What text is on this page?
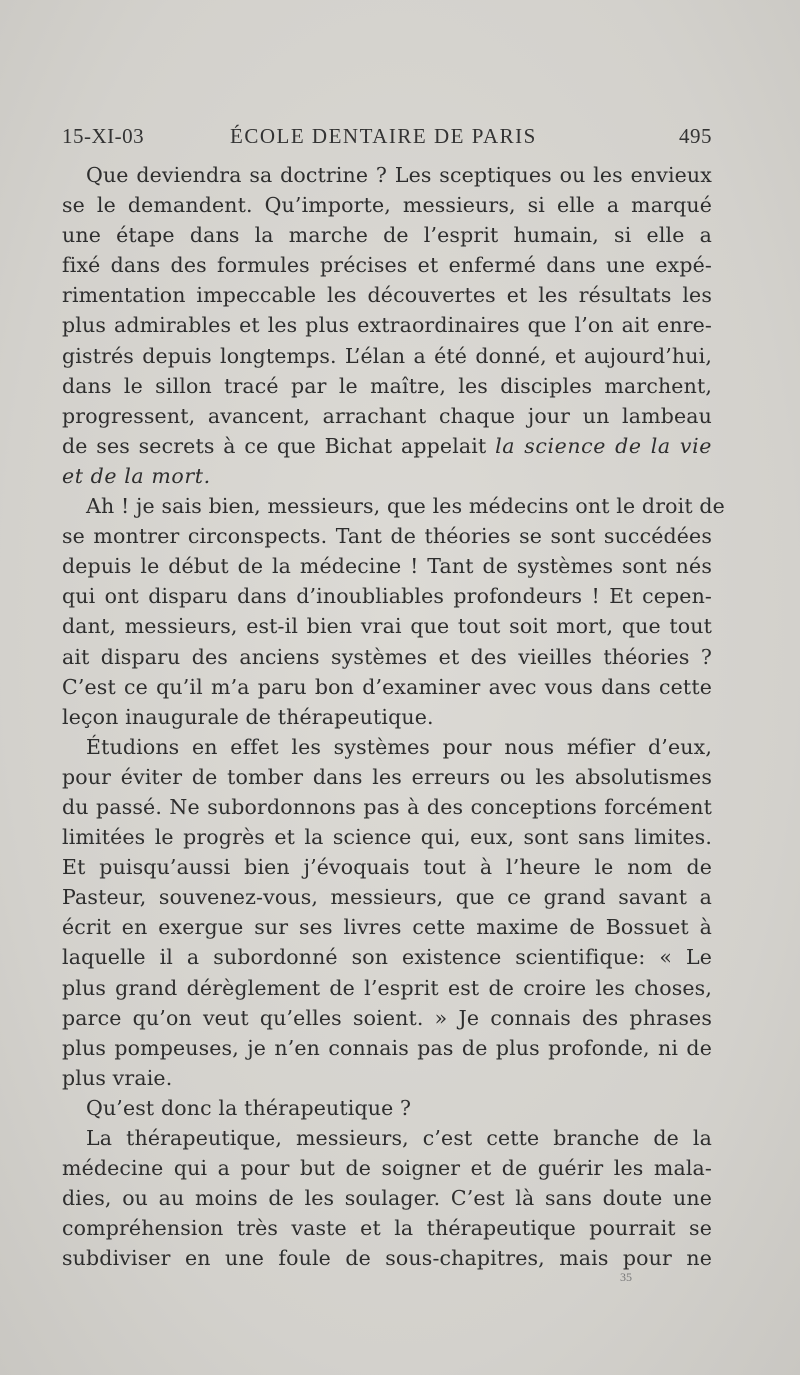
15-XI-03	ÉCOLE DENTAIRE DE PARIS	495
Que deviendra sa doctrine ? Les sceptiques ou les envieux
se le demandent. Qu’importe, messieurs, si elle a marqué
une étape dans la marche de l’esprit humain, si elle a
fixé dans des formules précises et enfermé dans une expé-
rimentation impeccable les découvertes et les résultats les
plus admirables et les plus extraordinaires que l’on ait enre-
gistrés depuis longtemps. L’élan a été donné, et aujourd’hui,
dans le sillon tracé par le maître, les disciples marchent,
progressent, avancent, arrachant chaque jour un lambeau
de ses secrets à ce que Bichat appelait la science de la vie
et de la mort.
Ah ! je sais bien, messieurs, que les médecins ont le droit de
se montrer circonspects. Tant de théories se sont succédées
depuis le début de la médecine ! Tant de systèmes sont nés
qui ont disparu dans d’inoubliables profondeurs ! Et cepen-
dant, messieurs, est-il bien vrai que tout soit mort, que tout
ait disparu des anciens systèmes et des vieilles théories ?
C’est ce qu’il m’a paru bon d’examiner avec vous dans cette
leçon inaugurale de thérapeutique.
Étudions en effet les systèmes pour nous méfier d’eux,
pour éviter de tomber dans les erreurs ou les absolutismes
du passé. Ne subordonnons pas à des conceptions forcément
limitées le progrès et la science qui, eux, sont sans limites.
Et puisqu’aussi bien j’évoquais tout à l’heure le nom de
Pasteur, souvenez-vous, messieurs, que ce grand savant a
écrit en exergue sur ses livres cette maxime de Bossuet à
laquelle il a subordonné son existence scientifique: « Le
plus grand dérèglement de l’esprit est de croire les choses,
parce qu’on veut qu’elles soient. » Je connais des phrases
plus pompeuses, je n’en connais pas de plus profonde, ni de
plus vraie.
Qu’est donc la thérapeutique ?
La thérapeutique, messieurs, c’est cette branche de la
médecine qui a pour but de soigner et de guérir les mala-
dies, ou au moins de les soulager. C’est là sans doute une
compréhension très vaste et la thérapeutique pourrait se
subdiviser en une foule de sous-chapitres, mais pour ne
35
